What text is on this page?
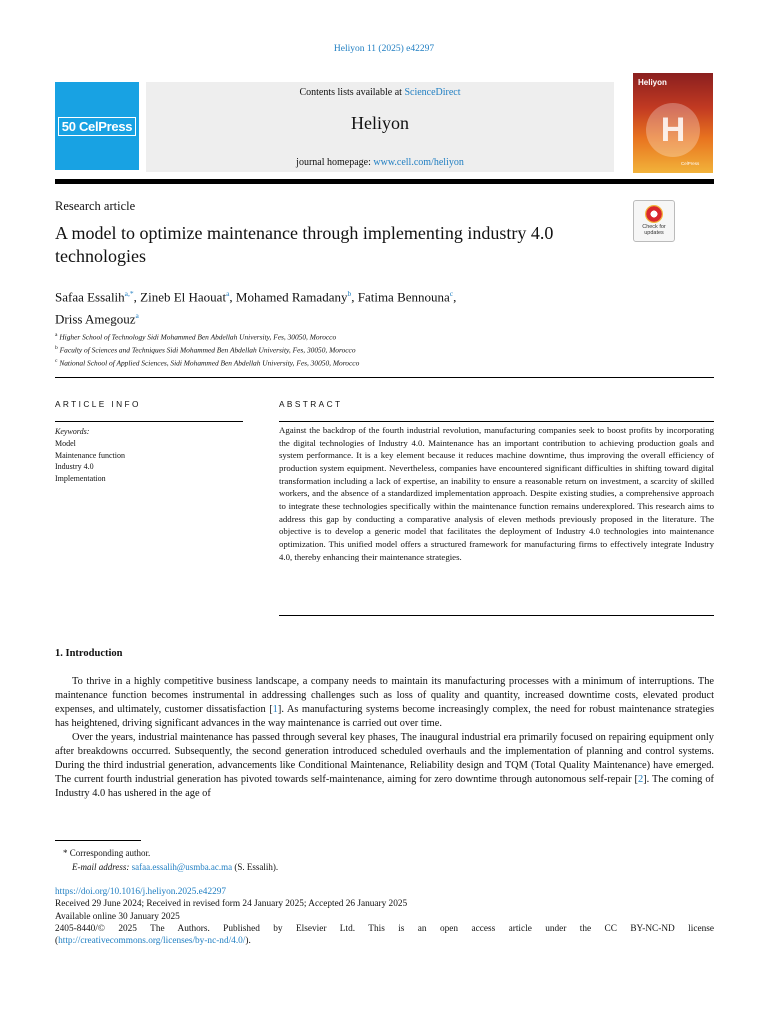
Heliyon 11 (2025) e42297
50 CelPress
Contents lists available at ScienceDirect
Heliyon
journal homepage: www.cell.com/heliyon
Heliyon
H
CelPress
Research article
Check for updates
A model to optimize maintenance through implementing industry 4.0 technologies
Safaa Essalih$^{a,*}$, Zineb El Haouat$^a$, Mohamed Ramadany$^b$, Fatima Bennouna$^c$,
Driss Amegouz$^a$
$^a$ Higher School of Technology Sidi Mohammed Ben Abdellah University, Fes, 30050, Morocco
$^b$ Faculty of Sciences and Techniques Sidi Mohammed Ben Abdellah University, Fes, 30050, Morocco
$^c$ National School of Applied Sciences, Sidi Mohammed Ben Abdellah University, Fes, 30050, Morocco
ARTICLE INFO
Keywords:
Model
Maintenance function
Industry 4.0
Implementation
ABSTRACT
Against the backdrop of the fourth industrial revolution, manufacturing companies seek to boost profits by incorporating the digital technologies of Industry 4.0. Maintenance has an important contribution to achieving production goals and system performance. It is a key element because it reduces machine downtime, thus improving the overall efficiency of production system equipment. Nevertheless, companies have encountered significant difficulties in shifting toward digital transformation including a lack of expertise, an inability to ensure a reasonable return on investment, a scarcity of skilled workers, and the absence of a standardized implementation approach. Despite existing studies, a comprehensive approach to integrate these technologies specifically within the maintenance function remains underexplored. This research aims to address this gap by conducting a comparative analysis of eleven methods previously proposed in the literature. The objective is to develop a generic model that facilitates the deployment of Industry 4.0 technologies into maintenance optimization. This unified model offers a structured framework for manufacturing firms to effectively integrate Industry 4.0, thereby enhancing their maintenance strategies.
1. Introduction

To thrive in a highly competitive business landscape, a company needs to maintain its manufacturing processes with a minimum of interruptions. The maintenance function becomes instrumental in addressing challenges such as loss of quality and quantity, increased downtime costs, elevated product expenses, and ultimately, customer dissatisfaction [1]. As manufacturing systems become increasingly complex, the need for robust maintenance strategies has heightened, driving significant advances in the way maintenance is carried out over time.

Over the years, industrial maintenance has passed through several key phases, The inaugural industrial era primarily focused on repairing equipment only after breakdowns occurred. Subsequently, the second generation introduced scheduled overhauls and the implementation of planning and control systems. During the third industrial generation, advancements like Conditional Maintenance, Reliability design and TQM (Total Quality Maintenance) have emerged. The current fourth industrial generation has pivoted towards self-maintenance, aiming for zero downtime through autonomous self-repair [2]. The coming of Industry 4.0 has ushered in the age of

* Corresponding author.
E-mail address: safaa.essalih@usmba.ac.ma (S. Essalih).
https://doi.org/10.1016/j.heliyon.2025.e42297
Received 29 June 2024; Received in revised form 24 January 2025; Accepted 26 January 2025
Available online 30 January 2025
2405-8440/© 2025 The Authors. Published by Elsevier Ltd. This is an open access article under the CC BY-NC-ND license
(http://creativecommons.org/licenses/by-nc-nd/4.0/).
